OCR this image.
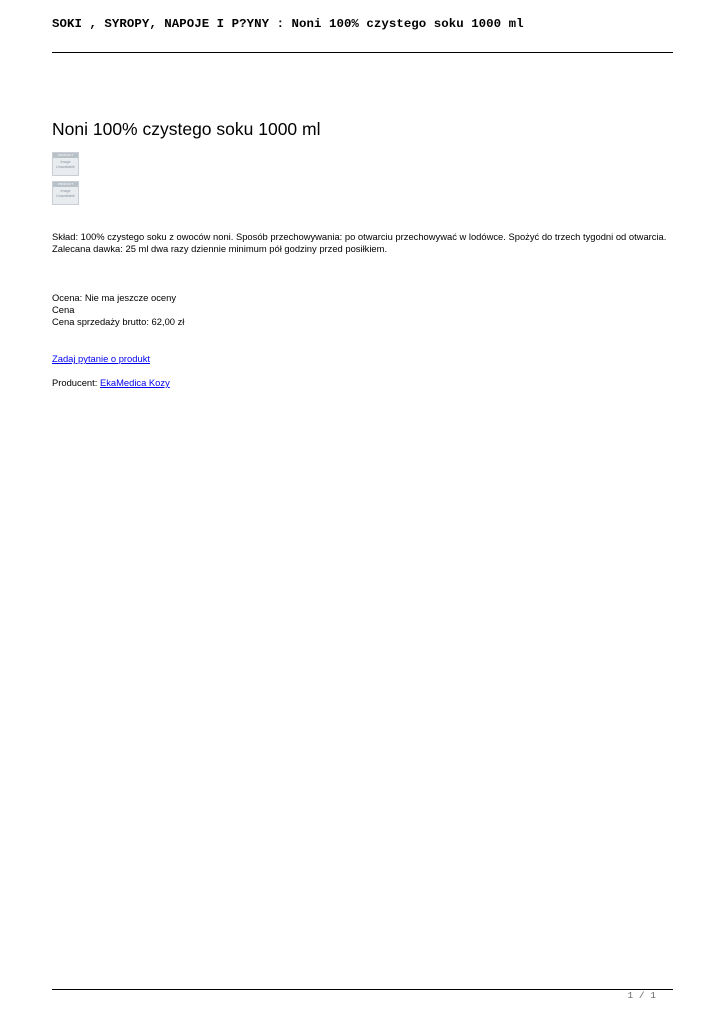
SOKI , SYROPY, NAPOJE I P?YNY : Noni 100% czystego soku 1000 ml
Noni 100% czystego soku 1000 ml
PRODUCT
Image Unavailable
PRODUCT
Image Unavailable
Skład: 100% czystego soku z owoców noni. Sposób przechowywania: po otwarciu przechowywać w lodówce. Spożyć do trzech tygodni od otwarcia. Zalecana dawka: 25 ml dwa razy dziennie minimum pół godziny przed posiłkiem.
Ocena: Nie ma jeszcze oceny
Cena
Cena sprzedaży brutto: 62,00 zł
Zadaj pytanie o produkt
Producent: EkaMedica Kozy
1 / 1
